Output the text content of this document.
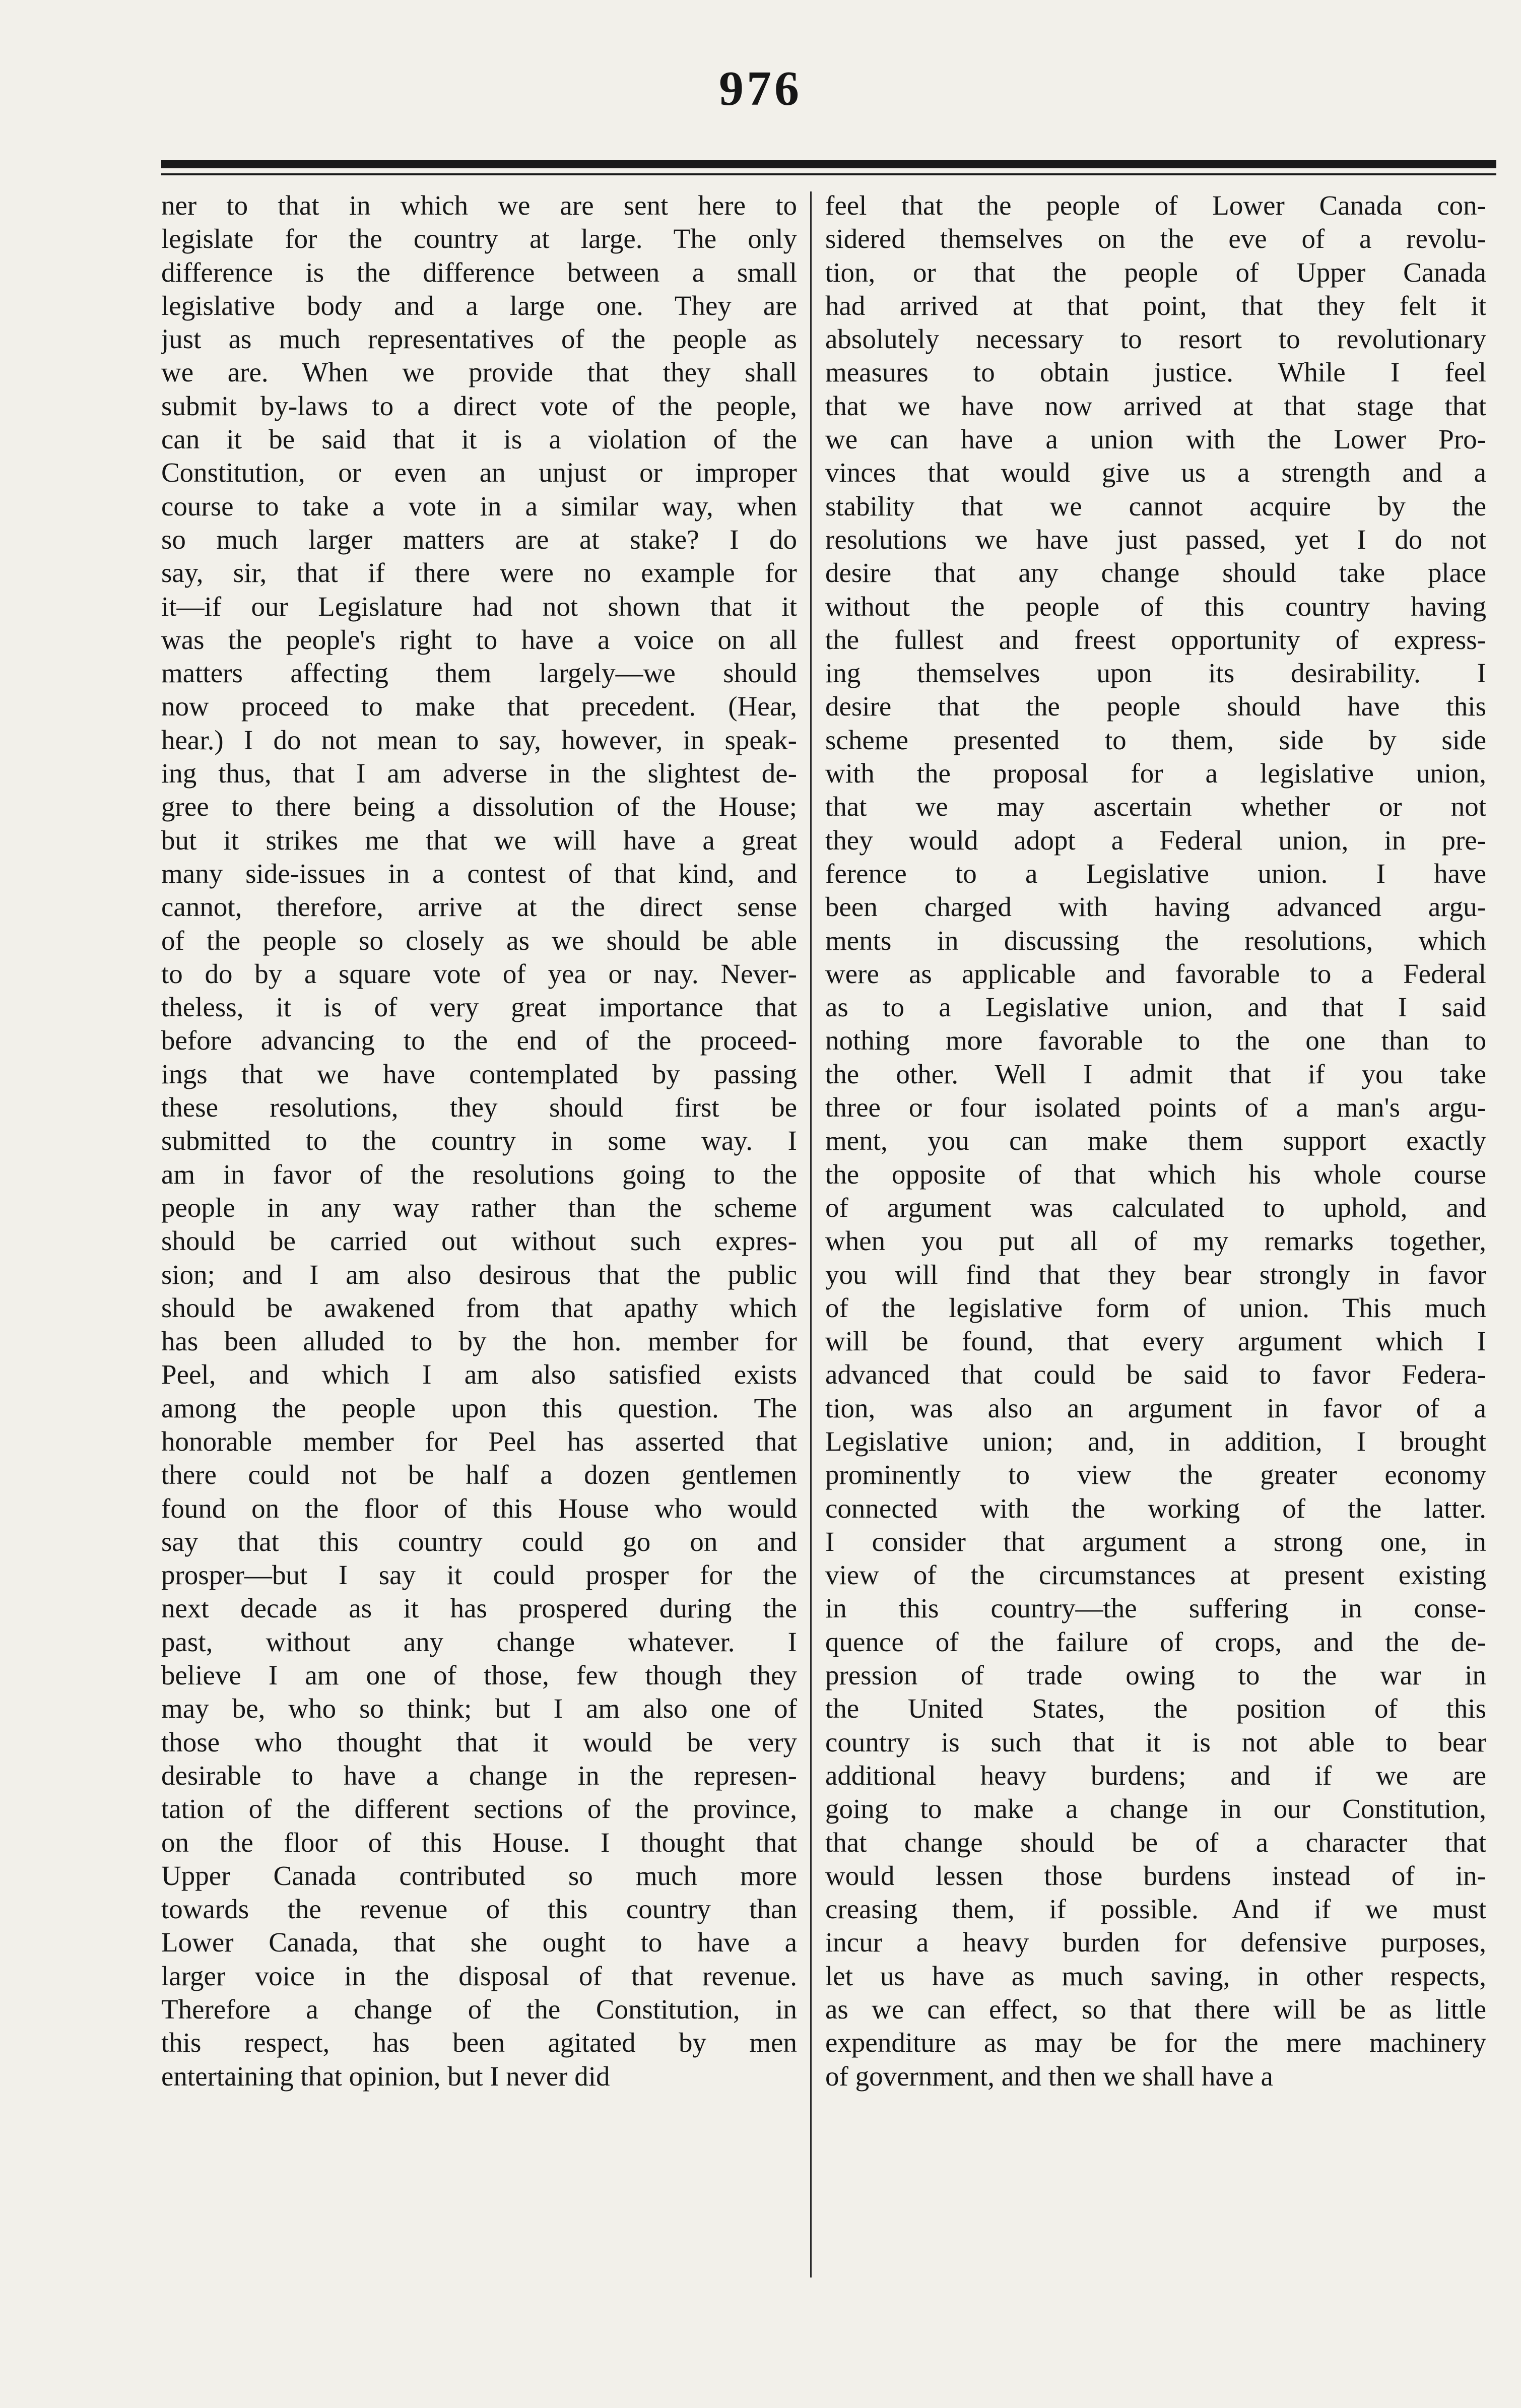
976
ner to that in which we are sent here to
legislate for the country at large. The only
difference is the difference between a small
legislative body and a large one. They are
just as much representatives of the people as
we are. When we provide that they shall
submit by-laws to a direct vote of the people,
can it be said that it is a violation of the
Constitution, or even an unjust or improper
course to take a vote in a similar way, when
so much larger matters are at stake? I do
say, sir, that if there were no example for
it—if our Legislature had not shown that it
was the people's right to have a voice on all
matters affecting them largely—we should
now proceed to make that precedent. (Hear,
hear.) I do not mean to say, however, in speak-
ing thus, that I am adverse in the slightest de-
gree to there being a dissolution of the House;
but it strikes me that we will have a great
many side-issues in a contest of that kind, and
cannot, therefore, arrive at the direct sense
of the people so closely as we should be able
to do by a square vote of yea or nay. Never-
theless, it is of very great importance that
before advancing to the end of the proceed-
ings that we have contemplated by passing
these resolutions, they should first be
submitted to the country in some way. I
am in favor of the resolutions going to the
people in any way rather than the scheme
should be carried out without such expres-
sion; and I am also desirous that the public
should be awakened from that apathy which
has been alluded to by the hon. member for
Peel, and which I am also satisfied exists
among the people upon this question. The
honorable member for Peel has asserted that
there could not be half a dozen gentlemen
found on the floor of this House who would
say that this country could go on and
prosper—but I say it could prosper for the
next decade as it has prospered during the
past, without any change whatever. I
believe I am one of those, few though they
may be, who so think; but I am also one of
those who thought that it would be very
desirable to have a change in the represen-
tation of the different sections of the province,
on the floor of this House. I thought that
Upper Canada contributed so much more
towards the revenue of this country than
Lower Canada, that she ought to have a
larger voice in the disposal of that revenue.
Therefore a change of the Constitution, in
this respect, has been agitated by men
entertaining that opinion, but I never did
feel that the people of Lower Canada con-
sidered themselves on the eve of a revolu-
tion, or that the people of Upper Canada
had arrived at that point, that they felt it
absolutely necessary to resort to revolutionary
measures to obtain justice. While I feel
that we have now arrived at that stage that
we can have a union with the Lower Pro-
vinces that would give us a strength and a
stability that we cannot acquire by the
resolutions we have just passed, yet I do not
desire that any change should take place
without the people of this country having
the fullest and freest opportunity of express-
ing themselves upon its desirability. I
desire that the people should have this
scheme presented to them, side by side
with the proposal for a legislative union,
that we may ascertain whether or not
they would adopt a Federal union, in pre-
ference to a Legislative union. I have
been charged with having advanced argu-
ments in discussing the resolutions, which
were as applicable and favorable to a Federal
as to a Legislative union, and that I said
nothing more favorable to the one than to
the other. Well I admit that if you take
three or four isolated points of a man's argu-
ment, you can make them support exactly
the opposite of that which his whole course
of argument was calculated to uphold, and
when you put all of my remarks together,
you will find that they bear strongly in favor
of the legislative form of union. This much
will be found, that every argument which I
advanced that could be said to favor Federa-
tion, was also an argument in favor of a
Legislative union; and, in addition, I brought
prominently to view the greater economy
connected with the working of the latter.
I consider that argument a strong one, in
view of the circumstances at present existing
in this country—the suffering in conse-
quence of the failure of crops, and the de-
pression of trade owing to the war in
the United States, the position of this
country is such that it is not able to bear
additional heavy burdens; and if we are
going to make a change in our Constitution,
that change should be of a character that
would lessen those burdens instead of in-
creasing them, if possible. And if we must
incur a heavy burden for defensive purposes,
let us have as much saving, in other respects,
as we can effect, so that there will be as little
expenditure as may be for the mere machinery
of government, and then we shall have a
